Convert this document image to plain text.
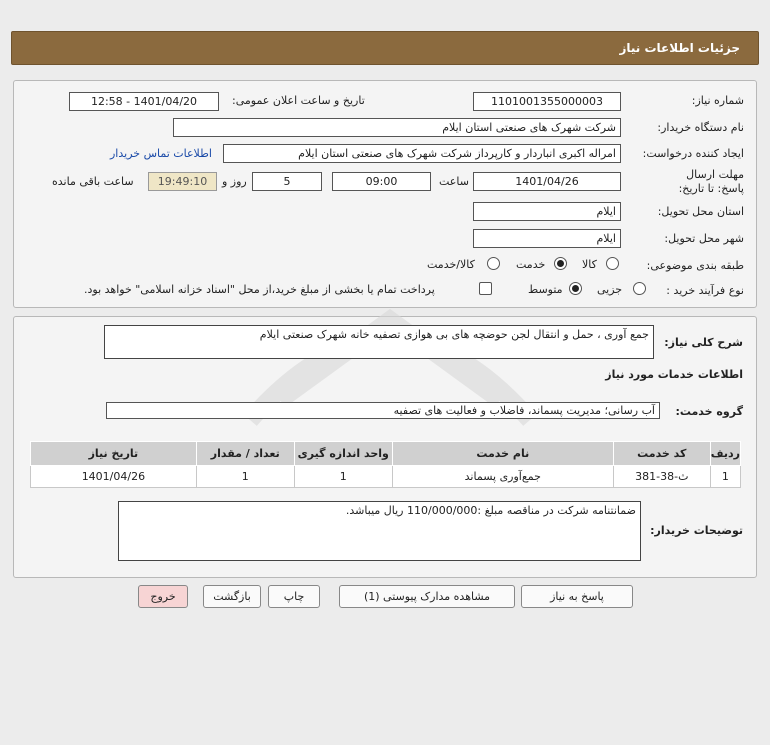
جزئیات اطلاعات نیاز
شماره نیاز:
1101001355000003
تاریخ و ساعت اعلان عمومی:
1401/04/20 - 12:58
نام دستگاه خریدار:
شرکت شهرک های صنعتی استان ایلام
ایجاد کننده درخواست:
امراله اکبری انباردار و کارپرداز شرکت شهرک های صنعتی استان ایلام
اطلاعات تماس خریدار
مهلت ارسال پاسخ: تا تاریخ:
1401/04/26
ساعت
09:00
5
روز و
19:49:10
ساعت باقی مانده
استان محل تحویل:
ایلام
شهر محل تحویل:
ایلام
طبقه بندی موضوعی:
کالا
خدمت
کالا/خدمت
نوع فرآیند خرید :
جزیی
متوسط
پرداخت تمام یا بخشی از مبلغ خرید،از محل "اسناد خزانه اسلامی" خواهد بود.
شرح کلی نیاز:
جمع آوری ، حمل و انتقال لجن حوضچه های بی هوازی تصفیه خانه شهرک صنعتی ایلام
اطلاعات خدمات مورد نیاز
گروه خدمت:
آب رسانی؛ مدیریت پسماند، فاضلاب و فعالیت های تصفیه
ردیف	کد خدمت	نام خدمت	واحد اندازه گیری	تعداد / مقدار	تاریخ نیاز
1	ث-38-381	جمع‌آوری پسماند	1	1	1401/04/26
توضیحات خریدار:
ضمانتنامه شرکت در مناقصه مبلغ :110/000/000 ریال میباشد.
پاسخ به نیاز
مشاهده مدارک پیوستی (1)
چاپ
بازگشت
خروج
